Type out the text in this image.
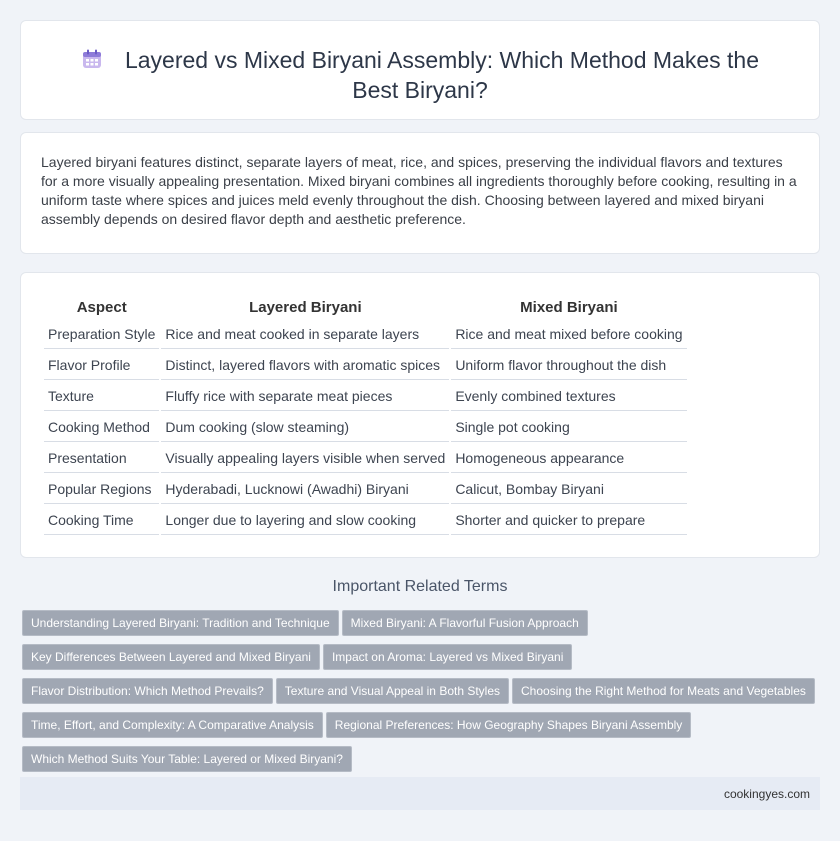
Layered vs Mixed Biryani Assembly: Which Method Makes the
Best Biryani?

Layered biryani features distinct, separate layers of meat, rice, and spices, preserving the individual flavors and textures for a more visually appealing presentation. Mixed biryani combines all ingredients thoroughly before cooking, resulting in a uniform taste where spices and juices meld evenly throughout the dish. Choosing between layered and mixed biryani assembly depends on desired flavor depth and aesthetic preference.

Aspect	Layered Biryani	Mixed Biryani
Preparation Style	Rice and meat cooked in separate layers	Rice and meat mixed before cooking
Flavor Profile	Distinct, layered flavors with aromatic spices	Uniform flavor throughout the dish
Texture	Fluffy rice with separate meat pieces	Evenly combined textures
Cooking Method	Dum cooking (slow steaming)	Single pot cooking
Presentation	Visually appealing layers visible when served	Homogeneous appearance
Popular Regions	Hyderabadi, Lucknowi (Awadhi) Biryani	Calicut, Bombay Biryani
Cooking Time	Longer due to layering and slow cooking	Shorter and quicker to prepare
Important Related Terms
Understanding Layered Biryani: Tradition and Technique Mixed Biryani: A Flavorful Fusion Approach
Key Differences Between Layered and Mixed Biryani Impact on Aroma: Layered vs Mixed Biryani
Flavor Distribution: Which Method Prevails? Texture and Visual Appeal in Both Styles Choosing the Right Method for Meats and Vegetables
Time, Effort, and Complexity: A Comparative Analysis Regional Preferences: How Geography Shapes Biryani Assembly
Which Method Suits Your Table: Layered or Mixed Biryani?
cookingyes.com
